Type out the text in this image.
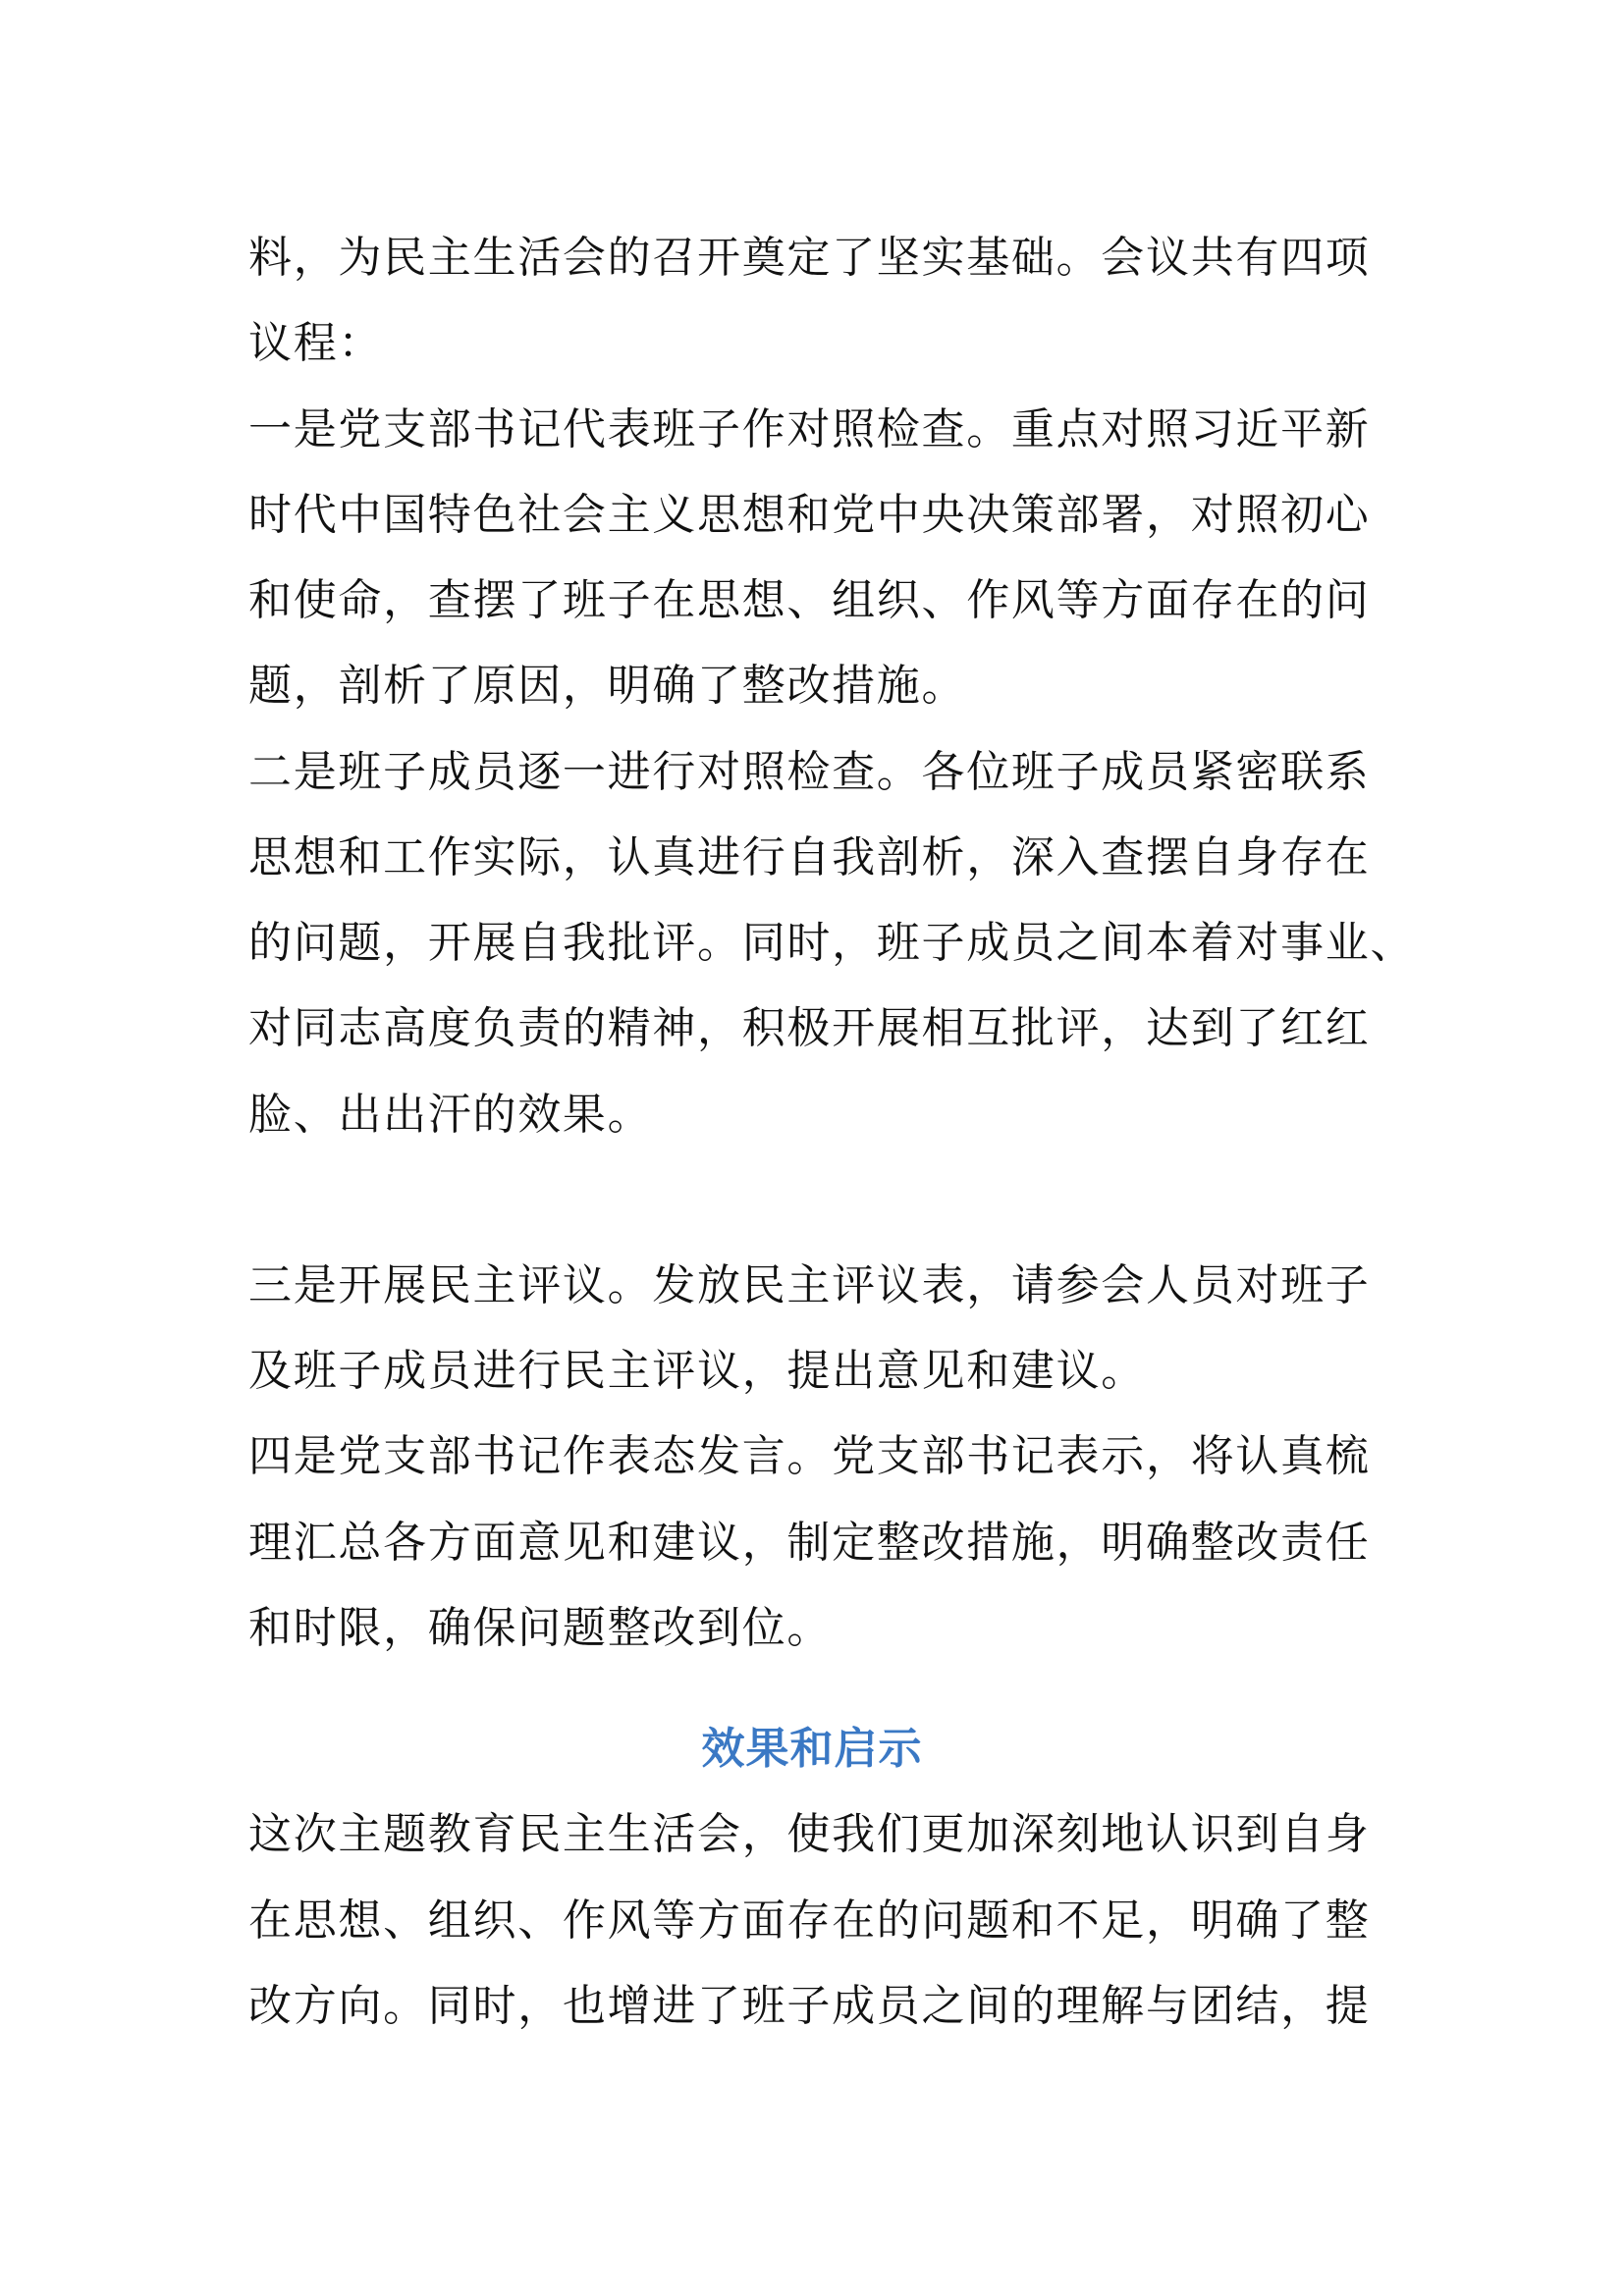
效果和启示
料，为民主生活会的召开奠定了坚实基础。会议共有四项
议程：
一是党支部书记代表班子作对照检查。重点对照习近平新
时代中国特色社会主义思想和党中央决策部署，对照初心
和使命，查摆了班子在思想、组织、作风等方面存在的问
题，剖析了原因，明确了整改措施。
二是班子成员逐一进行对照检查。各位班子成员紧密联系
思想和工作实际，认真进行自我剖析，深入查摆自身存在
的问题，开展自我批评。同时，班子成员之间本着对事业、
对同志高度负责的精神，积极开展相互批评，达到了红红
脸、出出汗的效果。
三是开展民主评议。发放民主评议表，请参会人员对班子
及班子成员进行民主评议，提出意见和建议。
四是党支部书记作表态发言。党支部书记表示，将认真梳
理汇总各方面意见和建议，制定整改措施，明确整改责任
和时限，确保问题整改到位。
这次主题教育民主生活会，使我们更加深刻地认识到自身
在思想、组织、作风等方面存在的问题和不足，明确了整
改方向。同时，也增进了班子成员之间的理解与团结，提
